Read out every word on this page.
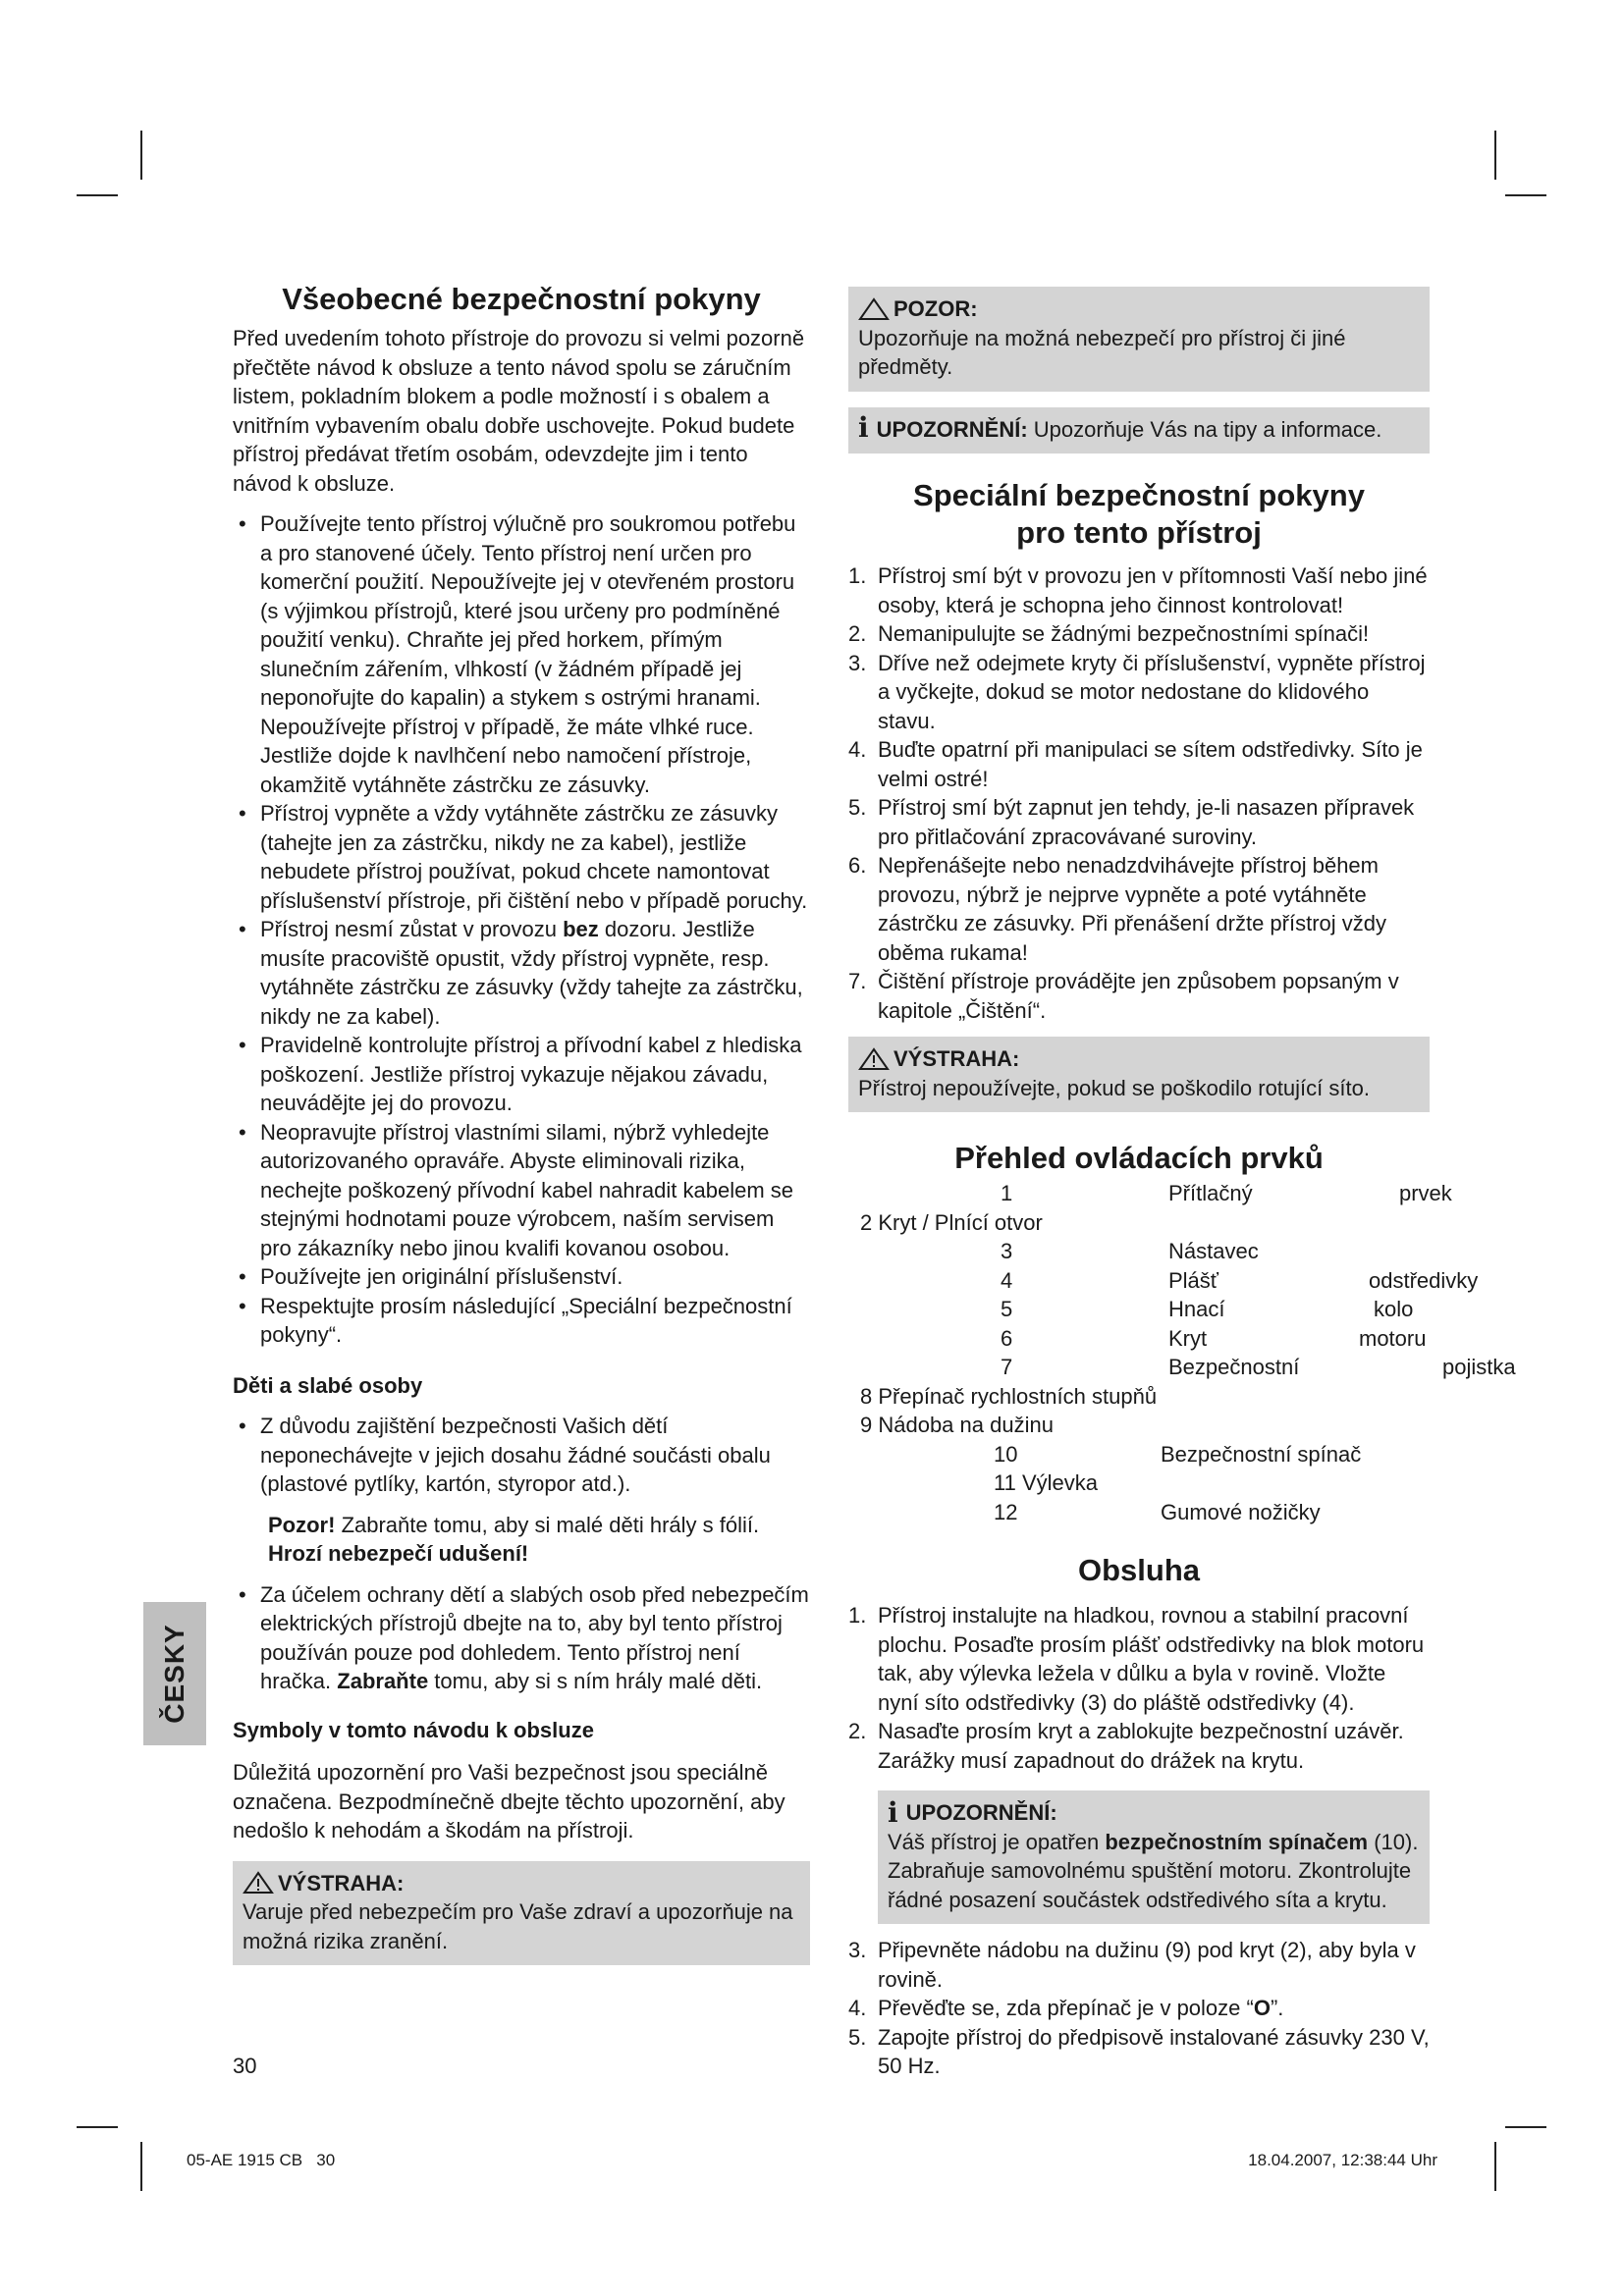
ČESKY
Všeobecné bezpečnostní pokyny

Před uvedením tohoto přístroje do provozu si velmi pozorně přečtěte návod k obsluze a tento návod spolu se záručním listem, pokladním blokem a podle možností i s obalem a vnitřním vybavením obalu dobře uschovejte. Pokud budete přístroj předávat třetím osobám, odevzdejte jim i tento návod k obsluze.

• Používejte tento přístroj výlučně pro soukromou potřebu a pro stanovené účely. Tento přístroj není určen pro komerční použití. Nepoužívejte jej v otevřeném prostoru (s výjimkou přístrojů, které jsou určeny pro podmíněné použití venku). Chraňte jej před horkem, přímým slunečním zářením, vlhkostí (v žádném případě jej neponořujte do kapalin) a stykem s ostrými hranami. Nepoužívejte přístroj v případě, že máte vlhké ruce. Jestliže dojde k navlhčení nebo namočení přístroje, okamžitě vytáhněte zástrčku ze zásuvky.
• Přístroj vypněte a vždy vytáhněte zástrčku ze zásuvky (tahejte jen za zástrčku, nikdy ne za kabel), jestliže nebudete přístroj používat, pokud chcete namontovat příslušenství přístroje, při čištění nebo v případě poruchy.
• Přístroj nesmí zůstat v provozu bez dozoru. Jestliže musíte pracoviště opustit, vždy přístroj vypněte, resp. vytáhněte zástrčku ze zásuvky (vždy tahejte za zástrčku, nikdy ne za kabel).
• Pravidelně kontrolujte přístroj a přívodní kabel z hlediska poškození. Jestliže přístroj vykazuje nějakou závadu, neuvádějte jej do provozu.
• Neopravujte přístroj vlastními silami, nýbrž vyhledejte autorizovaného opraváře. Abyste eliminovali rizika, nechejte poškozený přívodní kabel nahradit kabelem se stejnými hodnotami pouze výrobcem, naším servisem pro zákazníky nebo jinou kvalifi kovanou osobou.
• Používejte jen originální příslušenství.
• Respektujte prosím následující „Speciální bezpečnostní pokyny“.
Děti a slabé osoby
• Z důvodu zajištění bezpečnosti Vašich dětí neponechávejte v jejich dosahu žádné součásti obalu (plastové pytlíky, kartón, styropor atd.).

Pozor! Zabraňte tomu, aby si malé děti hrály s fólií. Hrozí nebezpečí udušení!

• Za účelem ochrany dětí a slabých osob před nebezpečím elektrických přístrojů dbejte na to, aby byl tento přístroj používán pouze pod dohledem. Tento přístroj není hračka. Zabraňte tomu, aby si s ním hrály malé děti.
Symboly v tomto návodu k obsluze

Důležitá upozornění pro Vaši bezpečnost jsou speciálně označena. Bezpodmínečně dbejte těchto upozornění, aby nedošlo k nehodám a škodám na přístroji.

VÝSTRAHA:

Varuje před nebezpečím pro Vaše zdraví a upozorňuje na možná rizika zranění.

POZOR:

Upozorňuje na možná nebezpečí pro přístroj či jiné předměty.

i UPOZORNĚNÍ: Upozorňuje Vás na tipy a informace.
Speciální bezpečnostní pokyny
pro tento přístroj
1. Přístroj smí být v provozu jen v přítomnosti Vaší nebo jiné osoby, která je schopna jeho činnost kontrolovat!
2. Nemanipulujte se žádnými bezpečnostními spínači!
3. Dříve než odejmete kryty či příslušenství, vypněte přístroj a vyčkejte, dokud se motor nedostane do klidového stavu.
4. Buďte opatrní při manipulaci se sítem odstředivky. Síto je velmi ostré!
5. Přístroj smí být zapnut jen tehdy, je-li nasazen přípravek pro přitlačování zpracovávané suroviny.
6. Nepřenášejte nebo nenadzdvihávejte přístroj během provozu, nýbrž je nejprve vypněte a poté vytáhněte zástrčku ze zásuvky. Při přenášení držte přístroj vždy oběma rukama!
7. Čištění přístroje provádějte jen způsobem popsaným v kapitole „Čištění“.
VÝSTRAHA:

Přístroj nepoužívejte, pokud se poškodilo rotující síto.

Přehled ovládacích prvků
1	Přítlačný	prvek
2 Kryt / Plnící otvor
3	Nástavec
4	Plášť	odstředivky
5	Hnací	kolo
6	Kryt	motoru
7	Bezpečnostní	pojistka
8 Přepínač rychlostních stupňů
9 Nádoba na dužinu
10	Bezpečnostní spínač
11 Výlevka
12	Gumové nožičky
Obsluha
1. Přístroj instalujte na hladkou, rovnou a stabilní pracovní plochu. Posaďte prosím plášť odstředivky na blok motoru tak, aby výlevka ležela v důlku a byla v rovině. Vložte nyní síto odstředivky (3) do pláště odstředivky (4).
2. Nasaďte prosím kryt a zablokujte bezpečnostní uzávěr. Zarážky musí zapadnout do drážek na krytu.
i UPOZORNĚNÍ:

Váš přístroj je opatřen bezpečnostním spínačem (10). Zabraňuje samovolnému spuštění motoru. Zkontrolujte řádné posazení součástek odstředivého síta a krytu.

3. Připevněte nádobu na dužinu (9) pod kryt (2), aby byla v rovině.
4. Převěďte se, zda přepínač je v poloze “O”.
5. Zapojte přístroj do předpisově instalované zásuvky 230 V, 50 Hz.
30
05-AE 1915 CB   30	18.04.2007, 12:38:44 Uhr
